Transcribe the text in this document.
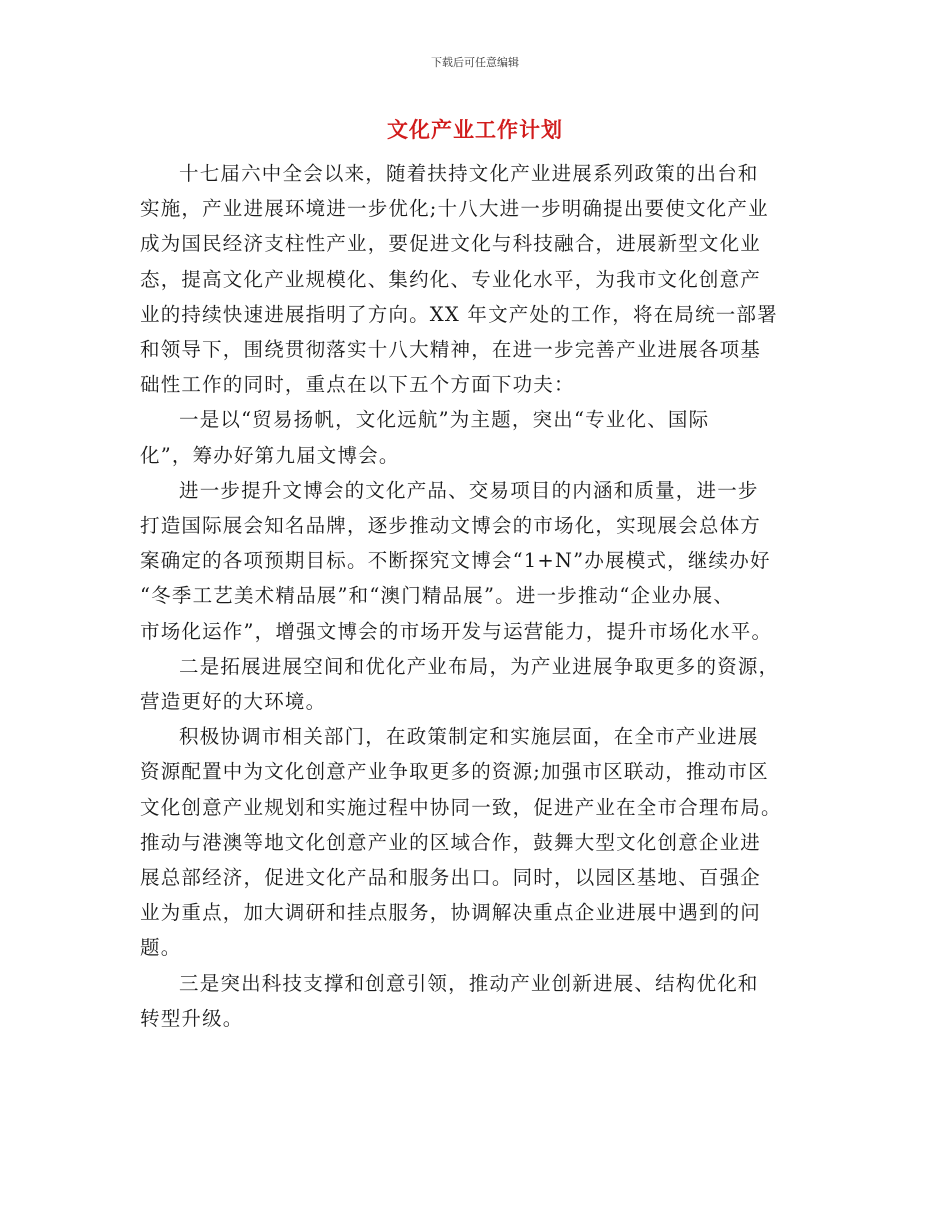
下载后可任意编辑
文化产业工作计划

十七届六中全会以来，随着扶持文化产业进展系列政策的出台和
实施，产业进展环境进一步优化;十八大进一步明确提出要使文化产业
成为国民经济支柱性产业，要促进文化与科技融合，进展新型文化业
态，提高文化产业规模化、集约化、专业化水平，为我市文化创意产
业的持续快速进展指明了方向。XX 年文产处的工作，将在局统一部署
和领导下，围绕贯彻落实十八大精神，在进一步完善产业进展各项基
础性工作的同时，重点在以下五个方面下功夫：

一是以“贸易扬帆，文化远航”为主题，突出“专业化、国际
化”，筹办好第九届文博会。

进一步提升文博会的文化产品、交易项目的内涵和质量，进一步
打造国际展会知名品牌，逐步推动文博会的市场化，实现展会总体方
案确定的各项预期目标。不断探究文博会“1+N”办展模式，继续办好
“冬季工艺美术精品展”和“澳门精品展”。进一步推动“企业办展、
市场化运作”，增强文博会的市场开发与运营能力，提升市场化水平。

二是拓展进展空间和优化产业布局，为产业进展争取更多的资源，
营造更好的大环境。

积极协调市相关部门，在政策制定和实施层面，在全市产业进展
资源配置中为文化创意产业争取更多的资源;加强市区联动，推动市区
文化创意产业规划和实施过程中协同一致，促进产业在全市合理布局。
推动与港澳等地文化创意产业的区域合作，鼓舞大型文化创意企业进
展总部经济，促进文化产品和服务出口。同时，以园区基地、百强企
业为重点，加大调研和挂点服务，协调解决重点企业进展中遇到的问
题。

三是突出科技支撑和创意引领，推动产业创新进展、结构优化和
转型升级。
